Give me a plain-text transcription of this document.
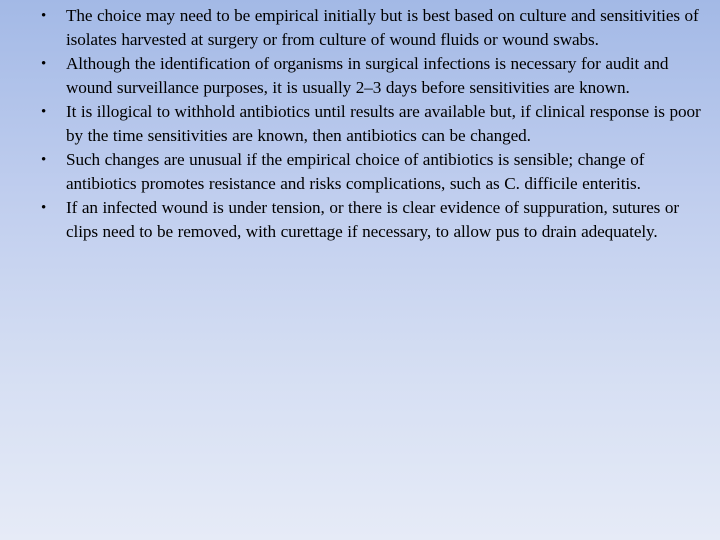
• The choice may need to be empirical initially but is best based on culture and sensitivities of isolates harvested at surgery or from culture of wound fluids or wound swabs.
• Although the identification of organisms in surgical infections is necessary for audit and wound surveillance purposes, it is usually 2–3 days before sensitivities are known.
• It is illogical to withhold antibiotics until results are available but, if clinical response is poor by the time sensitivities are known, then antibiotics can be changed.
• Such changes are unusual if the empirical choice of antibiotics is sensible; change of antibiotics promotes resistance and risks complications, such as C. difficile enteritis.
• If an infected wound is under tension, or there is clear evidence of suppuration, sutures or clips need to be removed, with curettage if necessary, to allow pus to drain adequately.
